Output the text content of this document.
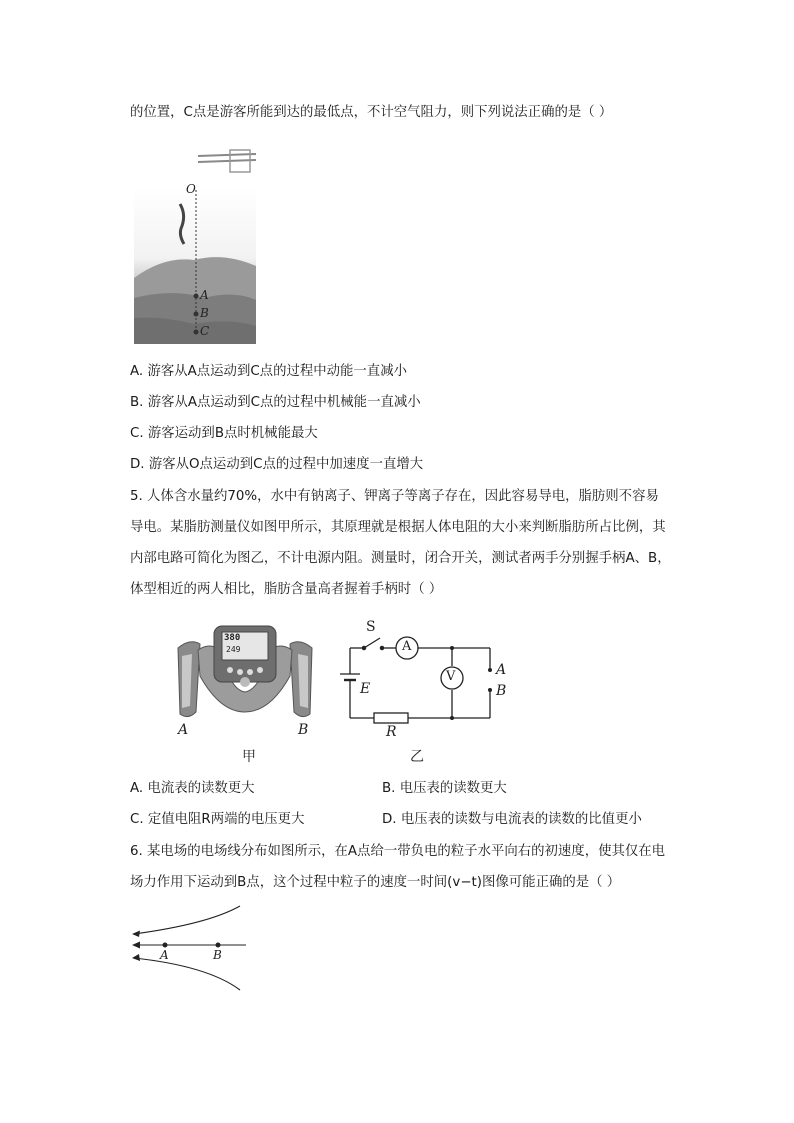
的位置，C点是游客所能到达的最低点，不计空气阻力，则下列说法正确的是（ ）
O
A
B
C
A. 游客从A点运动到C点的过程中动能一直减小
B. 游客从A点运动到C点的过程中机械能一直减小
C. 游客运动到B点时机械能最大
D. 游客从O点运动到C点的过程中加速度一直增大
5. 人体含水量约70%，水中有钠离子、钾离子等离子存在，因此容易导电，脂肪则不容易
导电。某脂肪测量仪如图甲所示，其原理就是根据人体电阻的大小来判断脂肪所占比例，其
内部电路可简化为图乙，不计电源内阻。测量时，闭合开关，测试者两手分别握手柄A、B，
体型相近的两人相比，脂肪含量高者握着手柄时（ ）
380
249
A	B
甲
S
A
V
E
R
A
B
乙
A. 电流表的读数更大	B. 电压表的读数更大
C. 定值电阻R两端的电压更大	D. 电压表的读数与电流表的读数的比值更小
6. 某电场的电场线分布如图所示，在A点给一带负电的粒子水平向右的初速度，使其仅在电
场力作用下运动到B点，这个过程中粒子的速度一时间(v−t)图像可能正确的是（ ）
A	B
